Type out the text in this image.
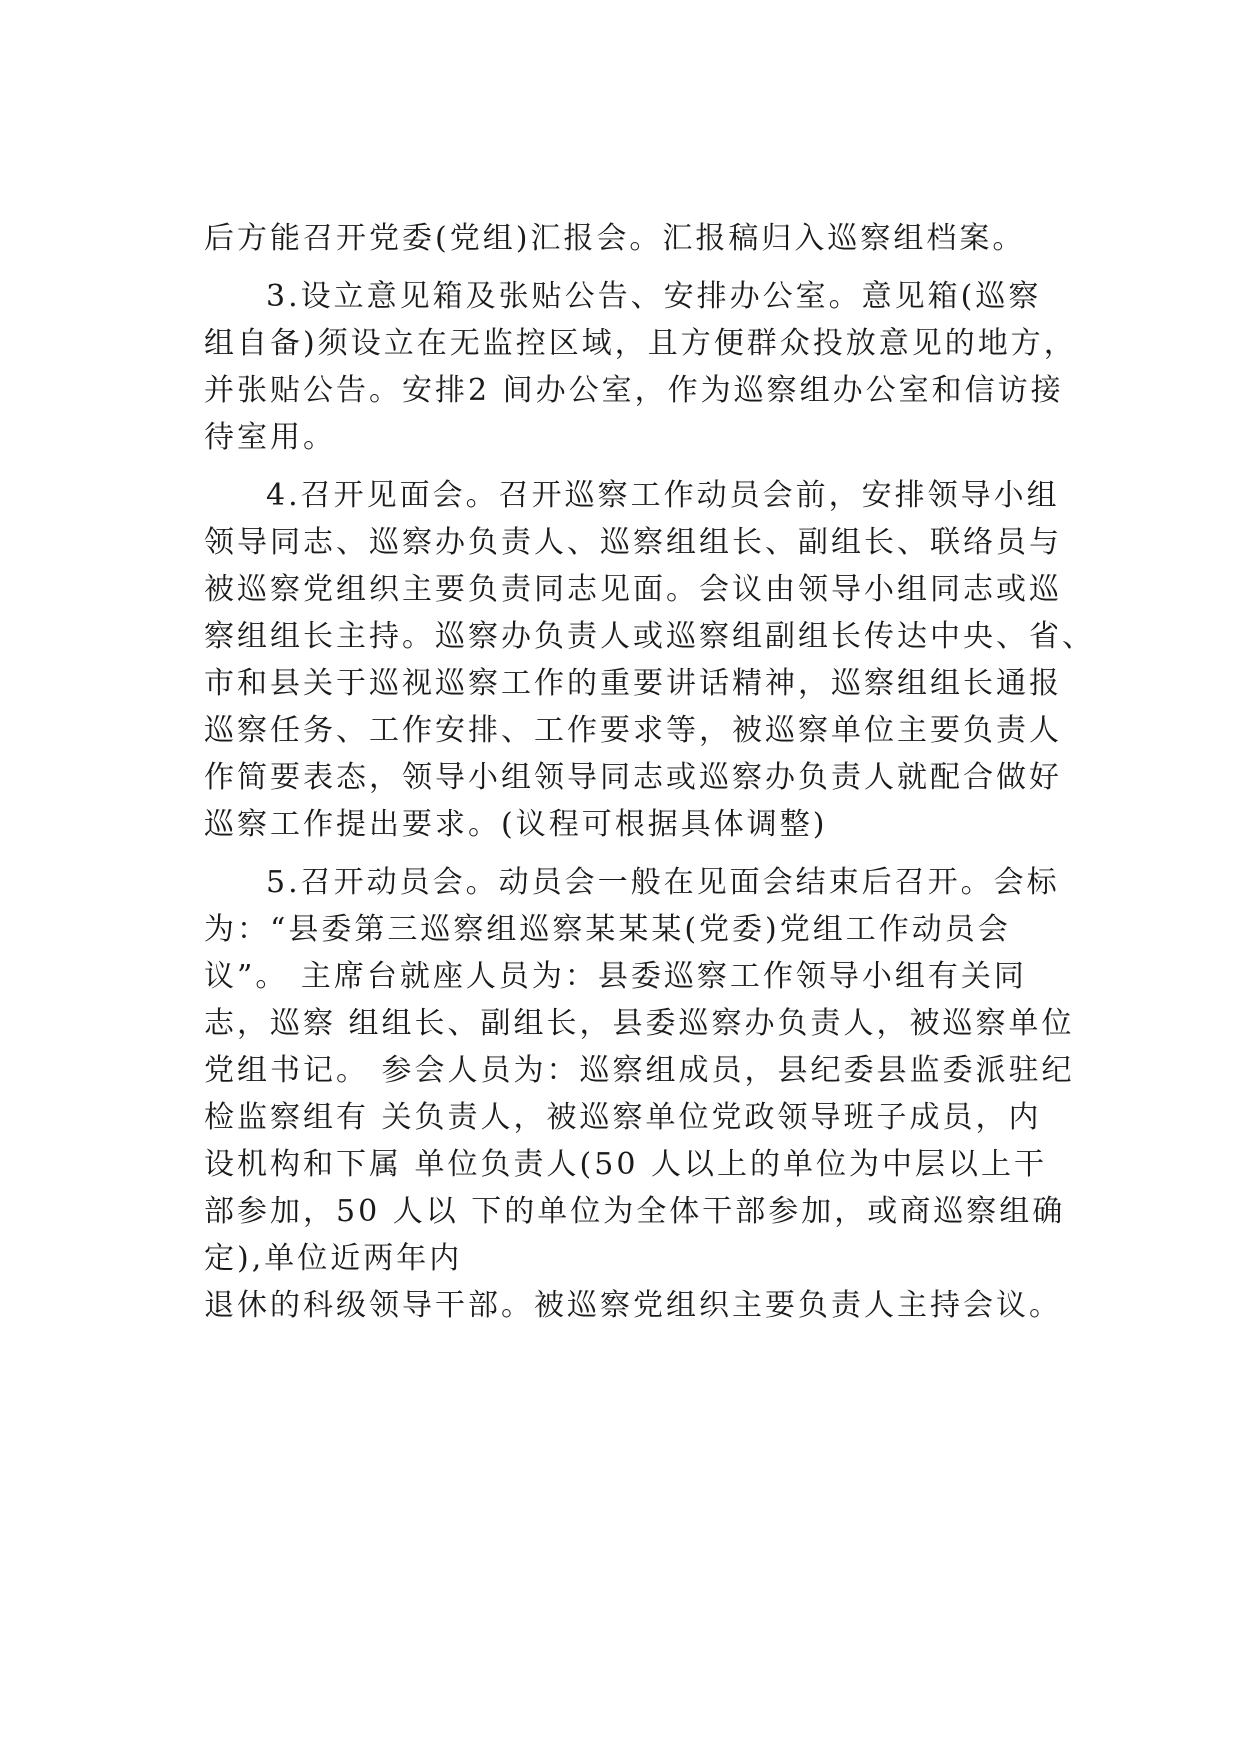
后方能召开党委(党组)汇报会。汇报稿归入巡察组档案。
3.设立意见箱及张贴公告、安排办公室。意见箱(巡察
组自备)须设立在无监控区域，且方便群众投放意见的地方，
并张贴公告。安排2 间办公室，作为巡察组办公室和信访接
待室用。
4.召开见面会。召开巡察工作动员会前，安排领导小组
领导同志、巡察办负责人、巡察组组长、副组长、联络员与
被巡察党组织主要负责同志见面。会议由领导小组同志或巡
察组组长主持。巡察办负责人或巡察组副组长传达中央、省、
市和县关于巡视巡察工作的重要讲话精神，巡察组组长通报
巡察任务、工作安排、工作要求等，被巡察单位主要负责人
作简要表态，领导小组领导同志或巡察办负责人就配合做好
巡察工作提出要求。(议程可根据具体调整)
5.召开动员会。动员会一般在见面会结束后召开。会标
为：“县委第三巡察组巡察某某某(党委)党组工作动员会
议”。 主席台就座人员为：县委巡察工作领导小组有关同
志，巡察 组组长、副组长，县委巡察办负责人，被巡察单位
党组书记。 参会人员为：巡察组成员，县纪委县监委派驻纪
检监察组有 关负责人，被巡察单位党政领导班子成员，内
设机构和下属 单位负责人(50 人以上的单位为中层以上干
部参加，50 人以 下的单位为全体干部参加，或商巡察组确
定),单位近两年内
退休的科级领导干部。被巡察党组织主要负责人主持会议。
